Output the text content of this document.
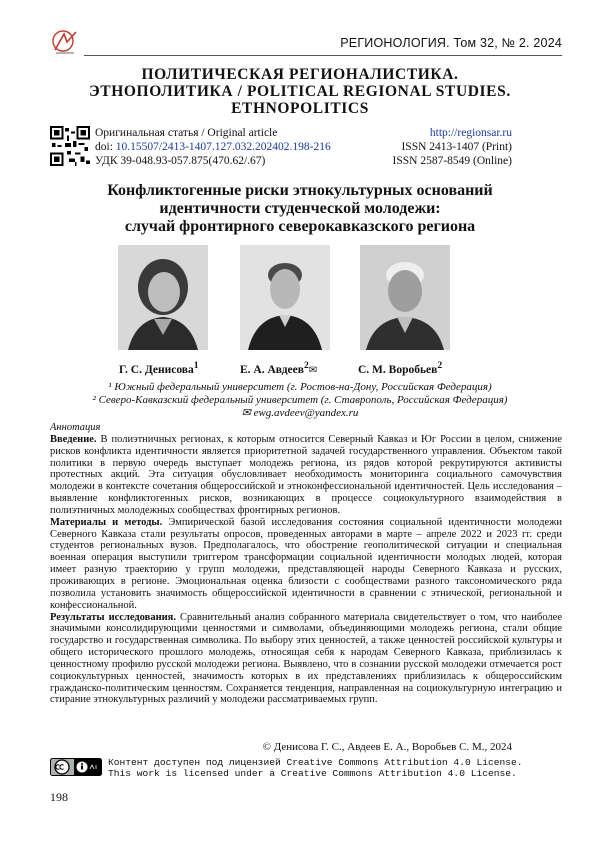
РЕГИОНОЛОГИЯ. Том 32, № 2. 2024
ПОЛИТИЧЕСКАЯ РЕГИОНАЛИСТИКА.
ЭТНОПОЛИТИКА / POLITICAL REGIONAL STUDIES.
ETHNOPOLITICS
Оригинальная статья / Original article
doi: 10.15507/2413-1407.127.032.202402.198-216
УДК 39-048.93-057.875(470.62/.67)
http://regionsar.ru
ISSN 2413-1407 (Print)
ISSN 2587-8549 (Online)
Конфликтогенные риски этнокультурных оснований
идентичности студенческой молодежи:
случай фронтирного северокавказского региона
Г. С. Денисова$^1$	Е. А. Авдеев$^2$✉	С. М. Воробьев$^2$
¹ Южный федеральный университет (г. Ростов-на-Дону, Российская Федерация)
² Северо-Кавказский федеральный университет (г. Ставрополь, Российская Федерация)
✉ ewg.avdeev@yandex.ru

Аннотация

Введение. В полиэтничных регионах, к которым относится Северный Кавказ и Юг России в целом, снижение рисков конфликта идентичности является приоритетной задачей государственного управления. Объектом такой политики в первую очередь выступает молодежь региона, из рядов которой рекрутируются активисты протестных акций. Эта ситуация обусловливает необходимость мониторинга социального самочувствия молодежи в контексте сочетания общероссийской и этноконфессиональной идентичностей. Цель исследования – выявление конфликтогенных рисков, возникающих в процессе социокультурного взаимодействия в полиэтничных молодежных сообществах фронтирных регионов.

Материалы и методы. Эмпирической базой исследования состояния социальной идентичности молодежи Северного Кавказа стали результаты опросов, проведенных авторами в марте – апреле 2022 и 2023 гг. среди студентов региональных вузов. Предполагалось, что обострение геополитической ситуации и специальная военная операция выступили триггером трансформации социальной идентичности молодых людей, которая имеет разную траекторию у групп молодежи, представляющей народы Северного Кавказа и русских, проживающих в регионе. Эмоциональная оценка близости с сообществами разного таксономического ряда позволила установить значимость общероссийской идентичности в сравнении с этнической, региональной и конфессиональной.

Результаты исследования. Сравнительный анализ собранного материала свидетельствует о том, что наиболее значимыми консолидирующими ценностями и символами, объединяющими молодежь региона, стали общие государство и государственная символика. По выбору этих ценностей, а также ценностей российской культуры и общего исторического прошлого молодежь, относящая себя к народам Северного Кавказа, приблизилась к ценностному профилю русской молодежи региона. Выявлено, что в сознании русской молодежи отмечается рост социокультурных ценностей, значимость которых в их представлениях приблизилась к общероссийским гражданско-политическим ценностям. Сохраняется тенденция, направленная на социокультурную интеграцию и стирание этнокультурных различий у молодежи рассматриваемых групп.

© Денисова Г. С., Авдеев Е. А., Воробьев С. М., 2024
Контент доступен под лицензией Creative Commons Attribution 4.0 License.
This work is licensed under a Creative Commons Attribution 4.0 License.
198
